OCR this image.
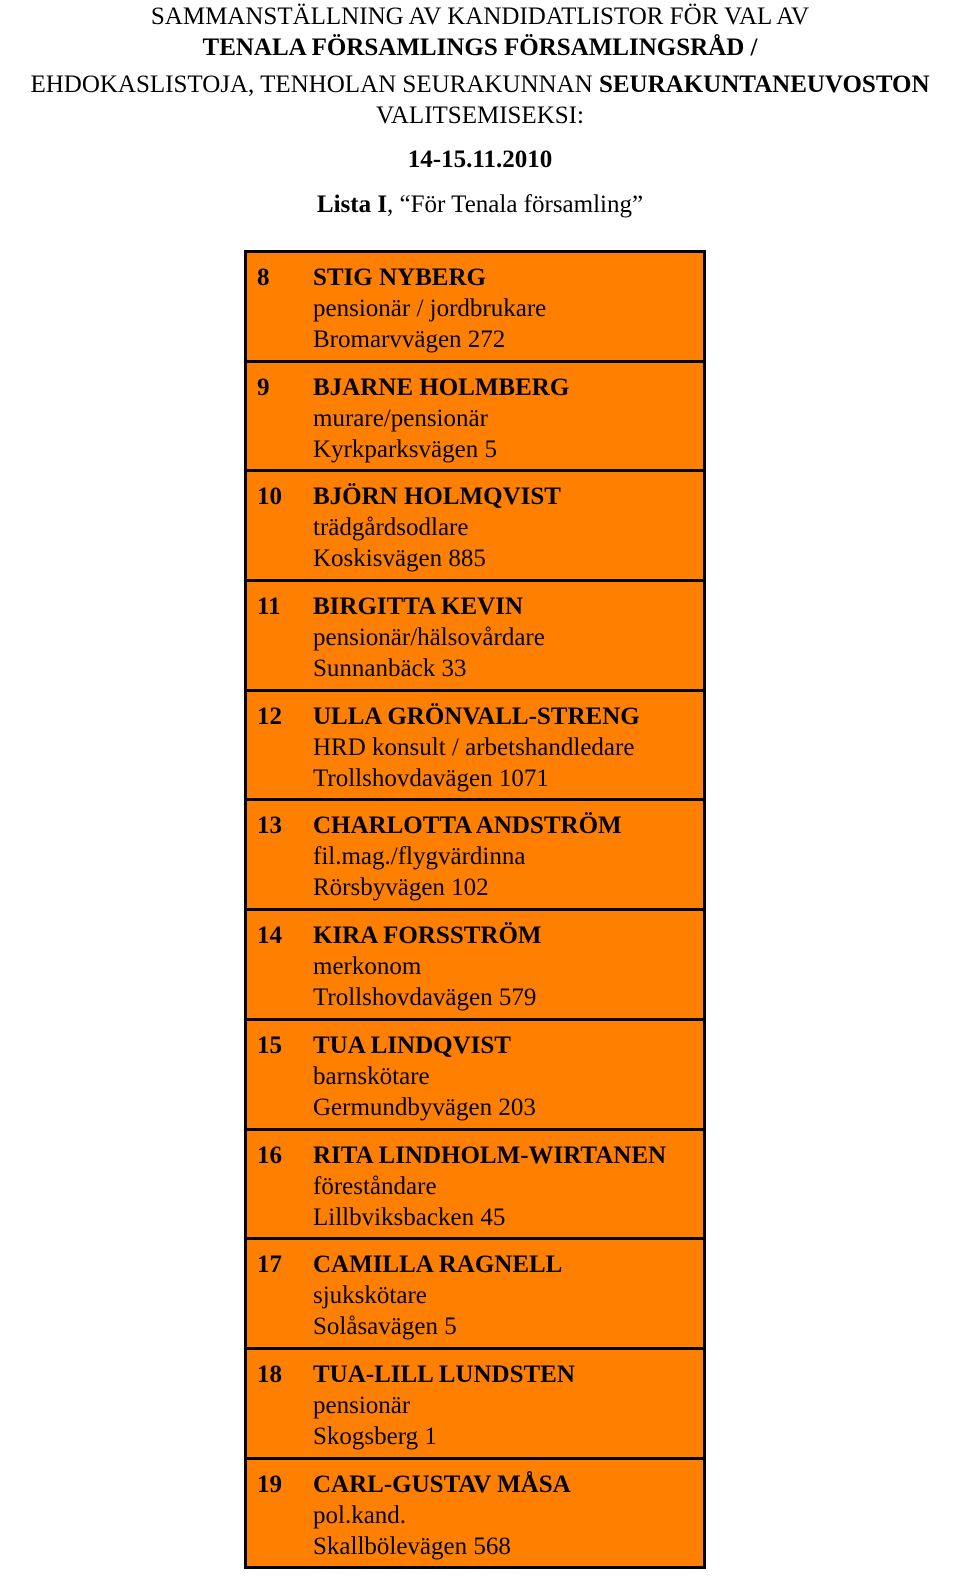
SAMMANSTÄLLNING AV KANDIDATLISTOR FÖR VAL AV
TENALA FÖRSAMLINGS FÖRSAMLINGSRÅD /
EHDOKASLISTOJA, TENHOLAN SEURAKUNNAN SEURAKUNTANEUVOSTON
VALITSEMISEKSI:
14-15.11.2010
Lista I, “För Tenala församling”
8 STIG NYBERG
pensionär / jordbrukare
Bromarvvägen 272
9 BJARNE HOLMBERG
murare/pensionär
Kyrkparksvägen 5
10 BJÖRN HOLMQVIST
trädgårdsodlare
Koskisvägen 885
11 BIRGITTA KEVIN
pensionär/hälsovårdare
Sunnanbäck 33
12 ULLA GRÖNVALL-STRENG
HRD konsult / arbetshandledare
Trollshovdavägen 1071
13 CHARLOTTA ANDSTRÖM
fil.mag./flygvärdinna
Rörsbyvägen 102
14 KIRA FORSSTRÖM
merkonom
Trollshovdavägen 579
15 TUA LINDQVIST
barnskötare
Germundbyvägen 203
16 RITA LINDHOLM-WIRTANEN
föreståndare
Lillbviksbacken 45
17 CAMILLA RAGNELL
sjukskötare
Solåsavägen 5
18 TUA-LILL LUNDSTEN
pensionär
Skogsberg 1
19 CARL-GUSTAV MÅSA
pol.kand.
Skallbölevägen 568
